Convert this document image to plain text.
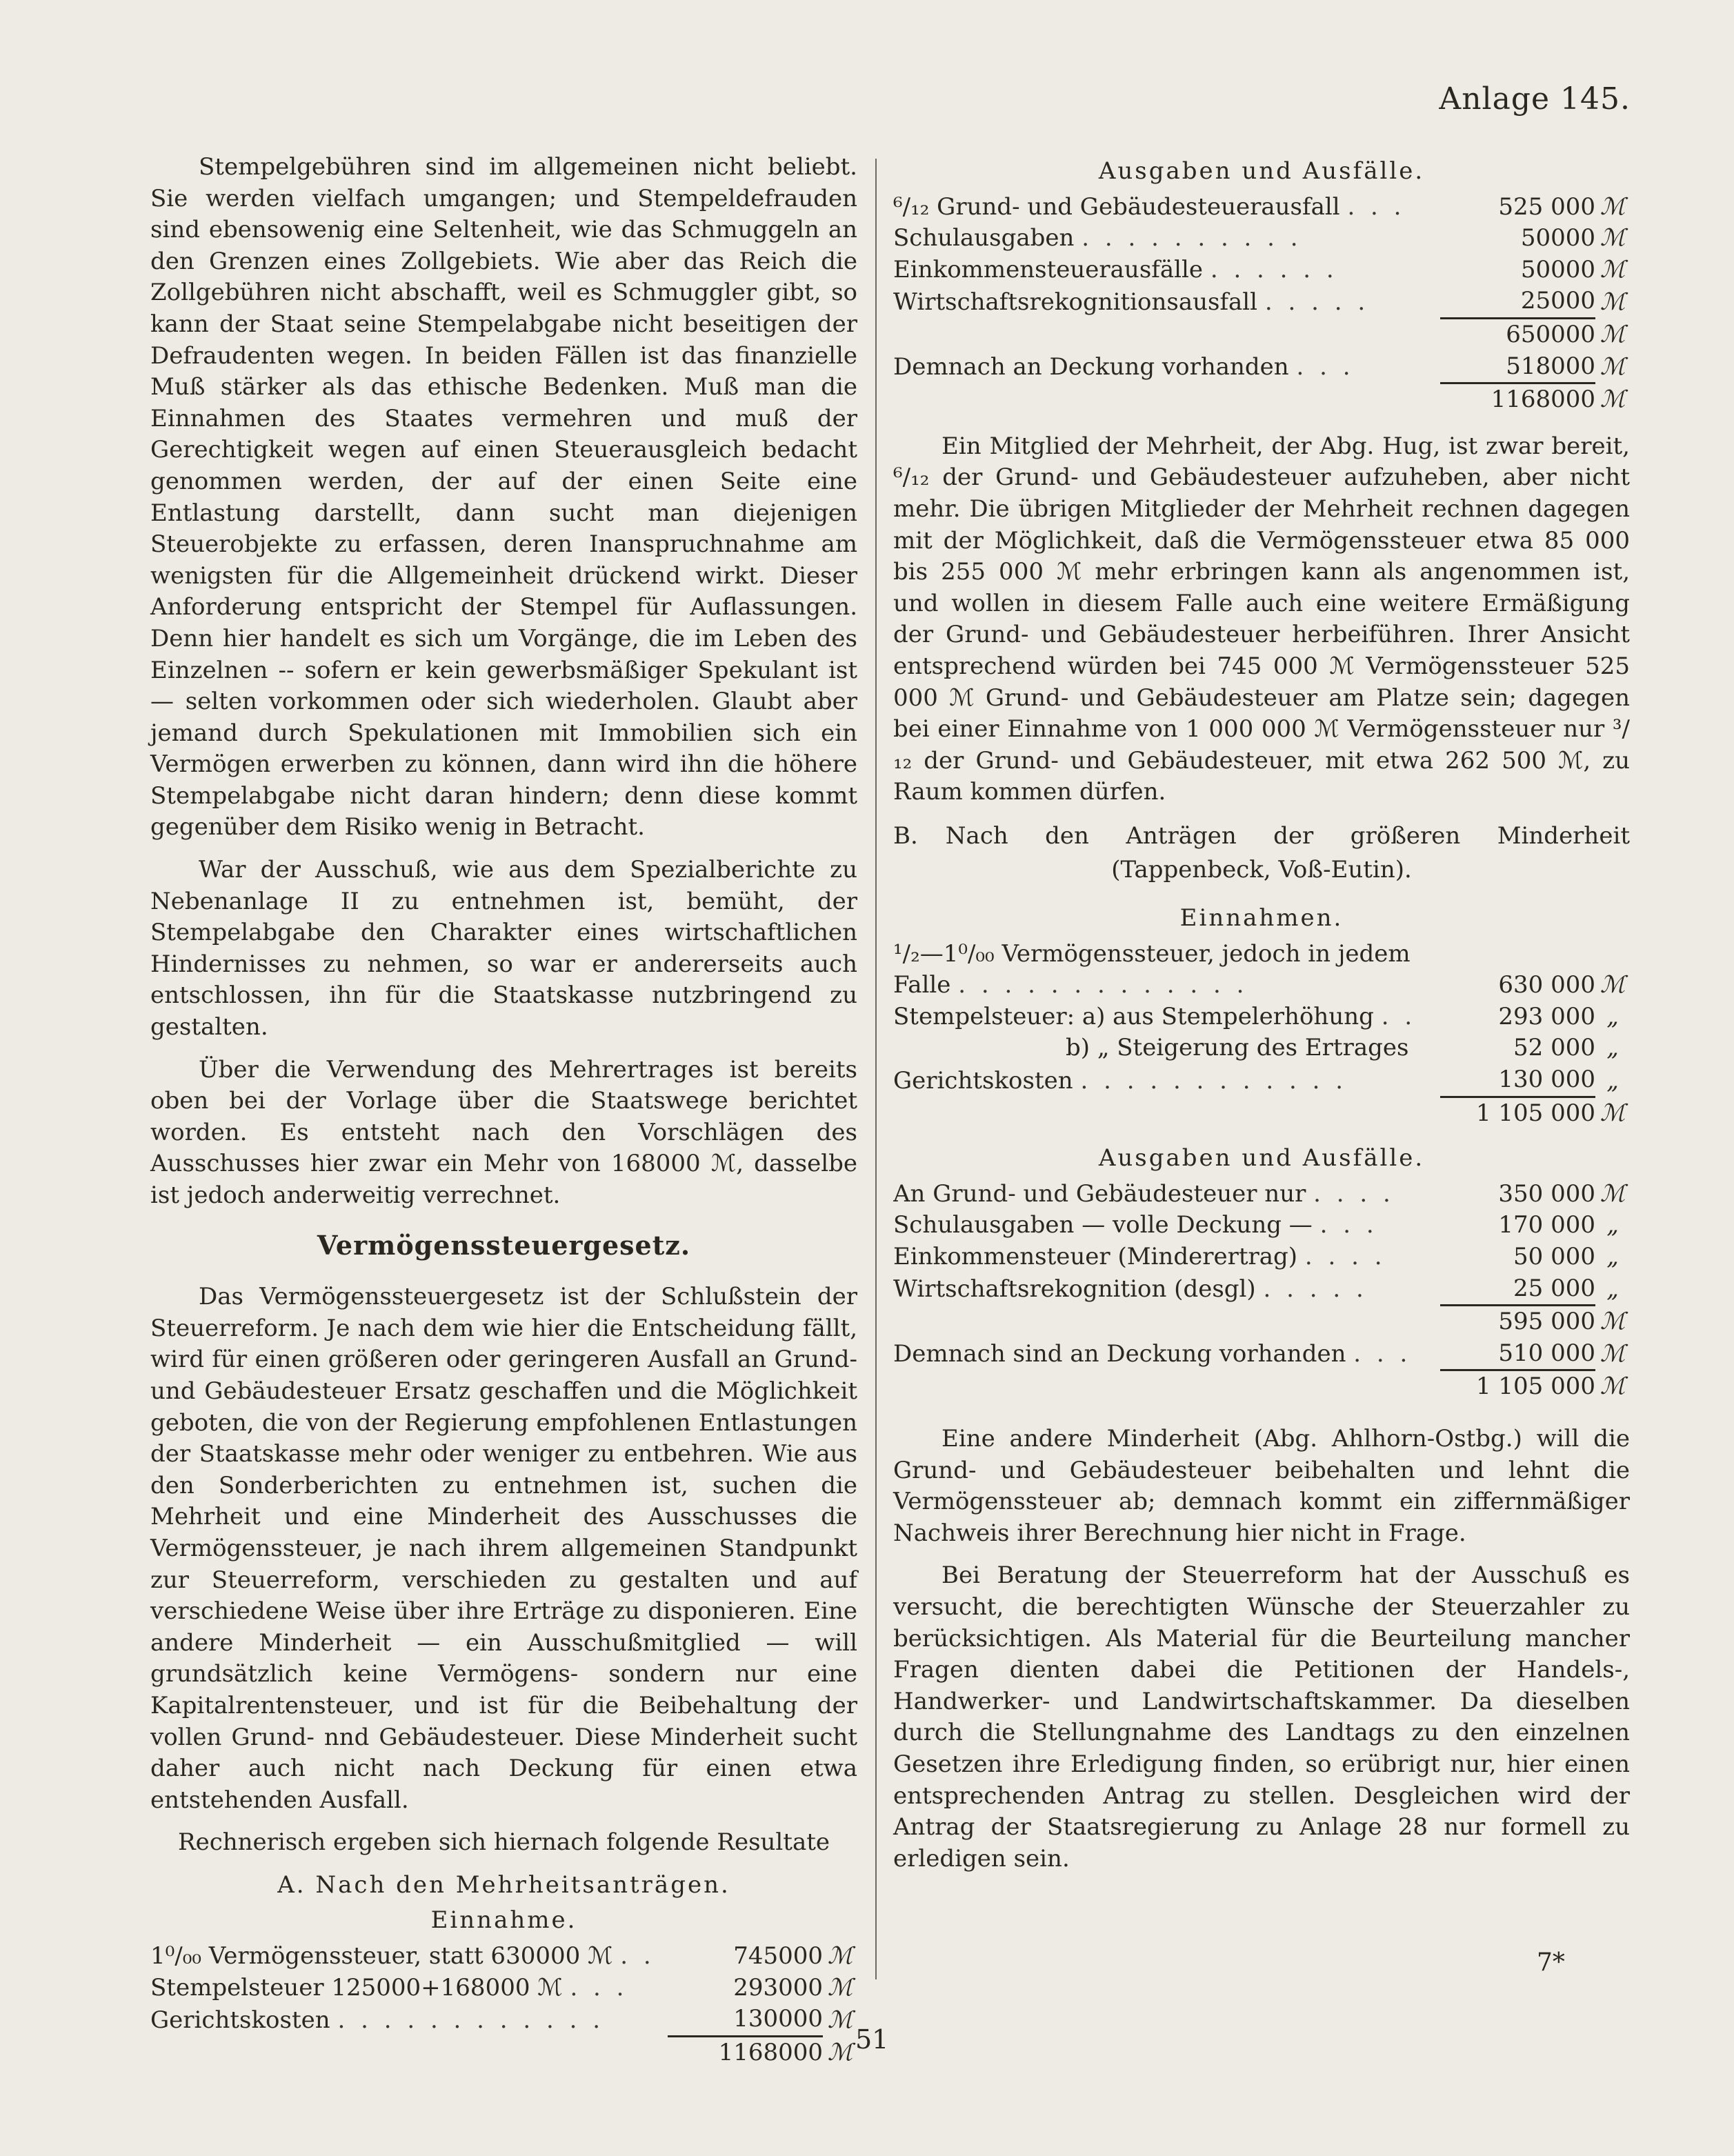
Anlage 145.

Stempelgebühren sind im allgemeinen nicht beliebt. Sie werden vielfach umgangen; und Stempeldefrauden sind ebensowenig eine Seltenheit, wie das Schmuggeln an den Grenzen eines Zollgebiets. Wie aber das Reich die Zollgebühren nicht abschafft, weil es Schmuggler gibt, so kann der Staat seine Stempelabgabe nicht beseitigen der Defraudenten wegen. In beiden Fällen ist das finanzielle Muß stärker als das ethische Bedenken. Muß man die Einnahmen des Staates vermehren und muß der Gerechtigkeit wegen auf einen Steuerausgleich bedacht genommen werden, der auf der einen Seite eine Entlastung darstellt, dann sucht man diejenigen Steuerobjekte zu erfassen, deren Inanspruchnahme am wenigsten für die Allgemeinheit drückend wirkt. Dieser Anforderung entspricht der Stempel für Auflassungen. Denn hier handelt es sich um Vorgänge, die im Leben des Einzelnen -- sofern er kein gewerbsmäßiger Spekulant ist — selten vorkommen oder sich wiederholen. Glaubt aber jemand durch Spekulationen mit Immobilien sich ein Vermögen erwerben zu können, dann wird ihn die höhere Stempelabgabe nicht daran hindern; denn diese kommt gegenüber dem Risiko wenig in Betracht.

War der Ausschuß, wie aus dem Spezialberichte zu Nebenanlage II zu entnehmen ist, bemüht, der Stempelabgabe den Charakter eines wirtschaftlichen Hindernisses zu nehmen, so war er andererseits auch entschlossen, ihn für die Staatskasse nutzbringend zu gestalten.

Über die Verwendung des Mehrertrages ist bereits oben bei der Vorlage über die Staatswege berichtet worden. Es entsteht nach den Vorschlägen des Ausschusses hier zwar ein Mehr von 168000 ℳ, dasselbe ist jedoch anderweitig verrechnet.

Vermögenssteuergesetz.

Das Vermögenssteuergesetz ist der Schlußstein der Steuerreform. Je nach dem wie hier die Entscheidung fällt, wird für einen größeren oder geringeren Ausfall an Grund- und Gebäudesteuer Ersatz geschaffen und die Möglichkeit geboten, die von der Regierung empfohlenen Entlastungen der Staatskasse mehr oder weniger zu entbehren. Wie aus den Sonderberichten zu entnehmen ist, suchen die Mehrheit und eine Minderheit des Ausschusses die Vermögenssteuer, je nach ihrem allgemeinen Standpunkt zur Steuerreform, verschieden zu gestalten und auf verschiedene Weise über ihre Erträge zu disponieren. Eine andere Minderheit — ein Ausschußmitglied — will grundsätzlich keine Vermögens- sondern nur eine Kapitalrentensteuer, und ist für die Beibehaltung der vollen Grund- nnd Gebäudesteuer. Diese Minderheit sucht daher auch nicht nach Deckung für einen etwa entstehenden Ausfall.

Rechnerisch ergeben sich hiernach folgende Resultate
A. Nach den Mehrheitsanträgen.
Einnahme.
1⁰/₀₀ Vermögenssteuer, statt 630000 ℳ . .	745000	ℳ
Stempelsteuer 125000+168000 ℳ . . .	293000	ℳ
Gerichtskosten . . . . . . . . . . . .	130000	ℳ
	1168000	ℳ
Ausgaben und Ausfälle.
⁶/₁₂ Grund- und Gebäudesteuerausfall . . .	525 000	ℳ
Schulausgaben . . . . . . . . . .	50000	ℳ
Einkommensteuerausfälle . . . . . .	50000	ℳ
Wirtschaftsrekognitionsausfall . . . . .	25000	ℳ
	650000	ℳ
Demnach an Deckung vorhanden . . .	518000	ℳ
	1168000	ℳ

Ein Mitglied der Mehrheit, der Abg. Hug, ist zwar bereit, ⁶/₁₂ der Grund- und Gebäudesteuer aufzuheben, aber nicht mehr. Die übrigen Mitglieder der Mehrheit rechnen dagegen mit der Möglichkeit, daß die Vermögenssteuer etwa 85 000 bis 255 000 ℳ mehr erbringen kann als angenommen ist, und wollen in diesem Falle auch eine weitere Ermäßigung der Grund- und Gebäudesteuer herbeiführen. Ihrer Ansicht entsprechend würden bei 745 000 ℳ Vermögenssteuer 525 000 ℳ Grund- und Gebäudesteuer am Platze sein; dagegen bei einer Einnahme von 1 000 000 ℳ Vermögenssteuer nur ³/₁₂ der Grund- und Gebäudesteuer, mit etwa 262 500 ℳ, zu Raum kommen dürfen.

B. Nach den Anträgen der größeren Minderheit
(Tappenbeck, Voß-Eutin).
Einnahmen.
¹/₂—1⁰/₀₀ Vermögenssteuer, jedoch in jedem		
Falle . . . . . . . . . . . . .	630 000	ℳ
Stempelsteuer: a) aus Stempelerhöhung . .	293 000	„
b) „ Steigerung des Ertrages	52 000	„
Gerichtskosten . . . . . . . . . . . .	130 000	„
	1 105 000	ℳ
Ausgaben und Ausfälle.
An Grund- und Gebäudesteuer nur . . . .	350 000	ℳ
Schulausgaben — volle Deckung — . . .	170 000	„
Einkommensteuer (Minderertrag) . . . .	50 000	„
Wirtschaftsrekognition (desgl) . . . . .	25 000	„
	595 000	ℳ
Demnach sind an Deckung vorhanden . . .	510 000	ℳ
	1 105 000	ℳ

Eine andere Minderheit (Abg. Ahlhorn-Ostbg.) will die Grund- und Gebäudesteuer beibehalten und lehnt die Vermögenssteuer ab; demnach kommt ein ziffernmäßiger Nachweis ihrer Berechnung hier nicht in Frage.

Bei Beratung der Steuerreform hat der Ausschuß es versucht, die berechtigten Wünsche der Steuerzahler zu berücksichtigen. Als Material für die Beurteilung mancher Fragen dienten dabei die Petitionen der Handels-, Handwerker- und Landwirtschaftskammer. Da dieselben durch die Stellungnahme des Landtags zu den einzelnen Gesetzen ihre Erledigung finden, so erübrigt nur, hier einen entsprechenden Antrag zu stellen. Desgleichen wird der Antrag der Staatsregierung zu Anlage 28 nur formell zu erledigen sein.

7*
51
